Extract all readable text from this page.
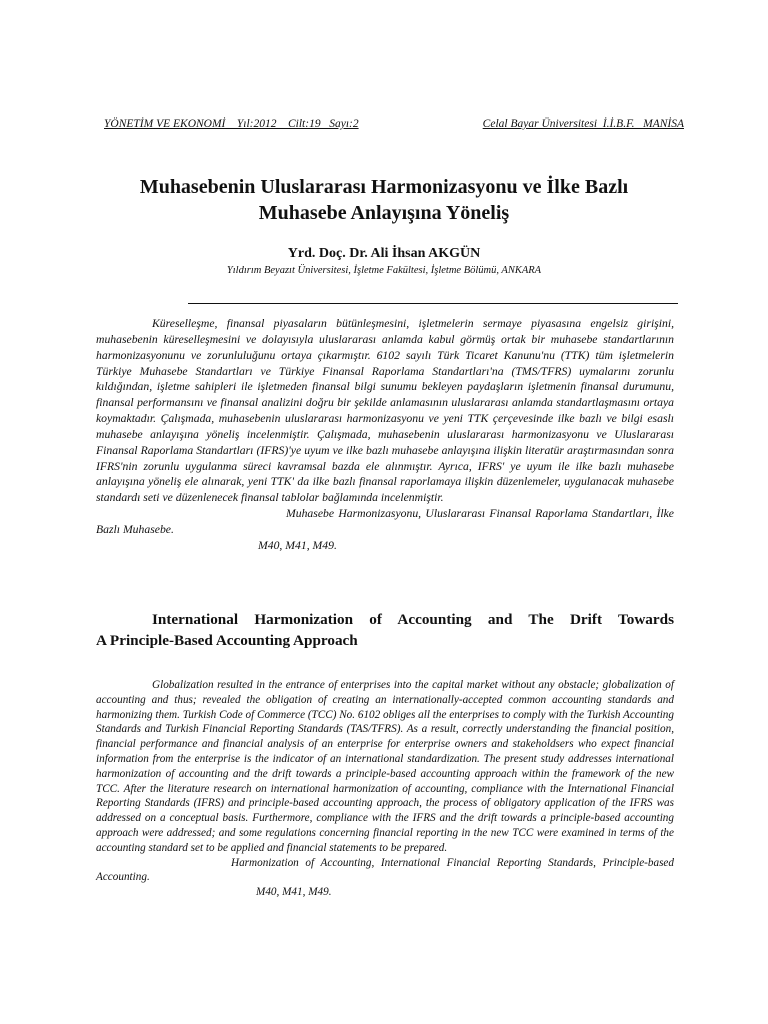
YÖNETİM VE EKONOMİ    Yıl:2012    Cilt:19   Sayı:2	Celal Bayar Üniversitesi  İ.İ.B.F.   MANİSA
Muhasebenin Uluslararası Harmonizasyonu ve İlke Bazlı Muhasebe Anlayışına Yöneliş
Yrd. Doç. Dr. Ali İhsan AKGÜN
Yıldırım Beyazıt Üniversitesi, İşletme Fakültesi, İşletme Bölümü, ANKARA

Küreselleşme, finansal piyasaların bütünleşmesini, işletmelerin sermaye piyasasına engelsiz girişini, muhasebenin küreselleşmesini ve dolayısıyla uluslararası anlamda kabul görmüş ortak bir muhasebe standartlarının harmonizasyonunu ve zorunluluğunu ortaya çıkarmıştır. 6102 sayılı Türk Ticaret Kanunu'nu (TTK) tüm işletmelerin Türkiye Muhasebe Standartları ve Türkiye Finansal Raporlama Standartları'na (TMS/TFRS) uymalarını zorunlu kıldığından, işletme sahipleri ile işletmeden finansal bilgi sunumu bekleyen paydaşların işletmenin finansal durumunu, finansal performansını ve finansal analizini doğru bir şekilde anlamasının uluslararası anlamda standartlaşmasını ortaya koymaktadır. Çalışmada, muhasebenin uluslararası harmonizasyonu ve yeni TTK çerçevesinde ilke bazlı ve bilgi esaslı muhasebe anlayışına yöneliş incelenmiştir. Çalışmada, muhasebenin uluslararası harmonizasyonu ve Uluslararası Finansal Raporlama Standartları (IFRS)'ye uyum ve ilke bazlı muhasebe anlayışına ilişkin literatür araştırmasından sonra IFRS'nin zorunlu uygulanma süreci kavramsal bazda ele alınmıştır. Ayrıca, IFRS' ye uyum ile ilke bazlı muhasebe anlayışına yöneliş ele alınarak, yeni TTK' da ilke bazlı finansal raporlamaya ilişkin düzenlemeler, uygulanacak muhasebe standardı seti ve düzenlenecek finansal tablolar bağlamında incelenmiştir.

Muhasebe Harmonizasyonu, Uluslararası Finansal Raporlama Standartları, İlke Bazlı Muhasebe.

M40, M41, M49.

International Harmonization of Accounting and The Drift Towards
A Principle-Based Accounting Approach

Globalization resulted in the entrance of enterprises into the capital market without any obstacle; globalization of accounting and thus; revealed the obligation of creating an internationally-accepted common accounting standards and harmonizing them. Turkish Code of Commerce (TCC) No. 6102 obliges all the enterprises to comply with the Turkish Accounting Standards and Turkish Financial Reporting Standards (TAS/TFRS). As a result, correctly understanding the financial position, financial performance and financial analysis of an enterprise for enterprise owners and stakeholdsers who expect financial information from the enterprise is the indicator of an international standardization. The present study addresses international harmonization of accounting and the drift towards a principle-based accounting approach within the framework of the new TCC. After the literature research on international harmonization of accounting, compliance with the International Financial Reporting Standards (IFRS) and principle-based accounting approach, the process of obligatory application of the IFRS was addressed on a conceptual basis. Furthermore, compliance with the IFRS and the drift towards a principle-based accounting approach were addressed; and some regulations concerning financial reporting in the new TCC were examined in terms of the accounting standard set to be applied and financial statements to be prepared.

Harmonization of Accounting, International Financial Reporting Standards, Principle-based Accounting.

M40, M41, M49.
